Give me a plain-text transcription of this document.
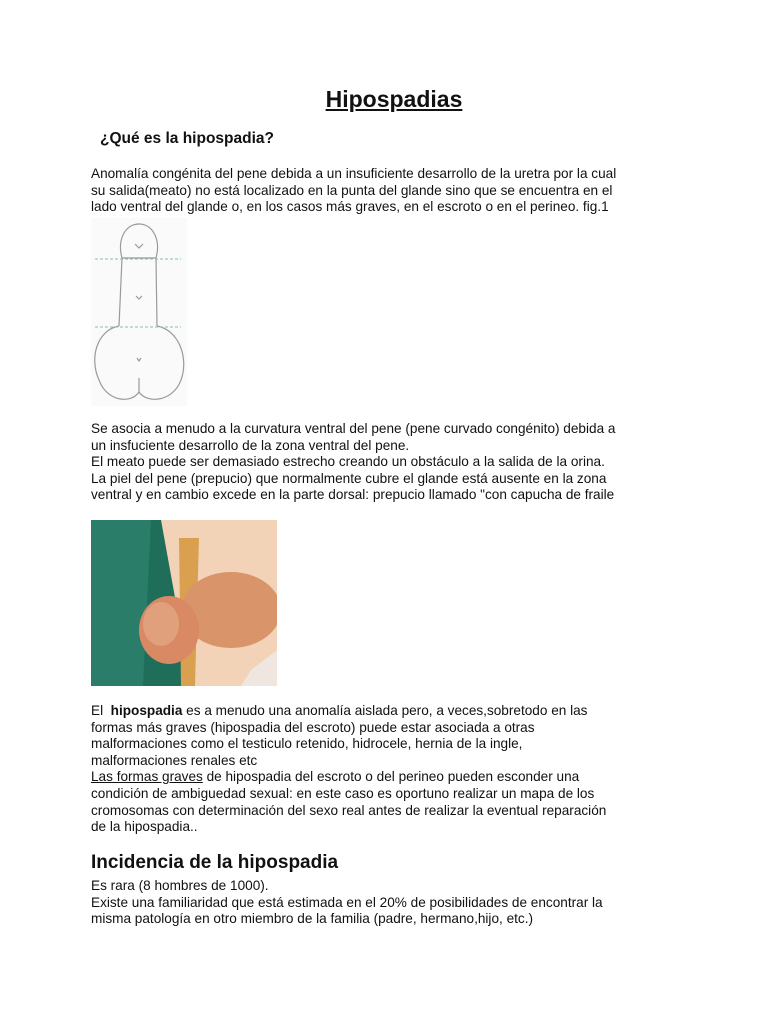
Hipospadias
¿Qué es la hipospadia?

Anomalía congénita del pene debida a un insuficiente desarrollo de la uretra por la cual
su salida(meato) no está localizado en la punta del glande sino que se encuentra en el
lado ventral del glande o, en los casos más graves, en el escroto o en el perineo. fig.1

Se asocia a menudo a la curvatura ventral del pene (pene curvado congénito) debida a
un insfuciente desarrollo de la zona ventral del pene.
El meato puede ser demasiado estrecho creando un obstáculo a la salida de la orina.
La piel del pene (prepucio) que normalmente cubre el glande está ausente en la zona
ventral y en cambio excede en la parte dorsal: prepucio llamado "con capucha de fraile

El  hipospadia es a menudo una anomalía aislada pero, a veces,sobretodo en las
formas más graves (hipospadia del escroto) puede estar asociada a otras
malformaciones como el testiculo retenido, hidrocele, hernia de la ingle,
malformaciones renales etc
Las formas graves de hipospadia del escroto o del perineo pueden esconder una
condición de ambiguedad sexual: en este caso es oportuno realizar un mapa de los
cromosomas con determinación del sexo real antes de realizar la eventual reparación
de la hipospadia..

Incidencia de la hipospadia

Es rara (8 hombres de 1000).
Existe una familiaridad que está estimada en el 20% de posibilidades de encontrar la
misma patología en otro miembro de la familia (padre, hermano,hijo, etc.)
